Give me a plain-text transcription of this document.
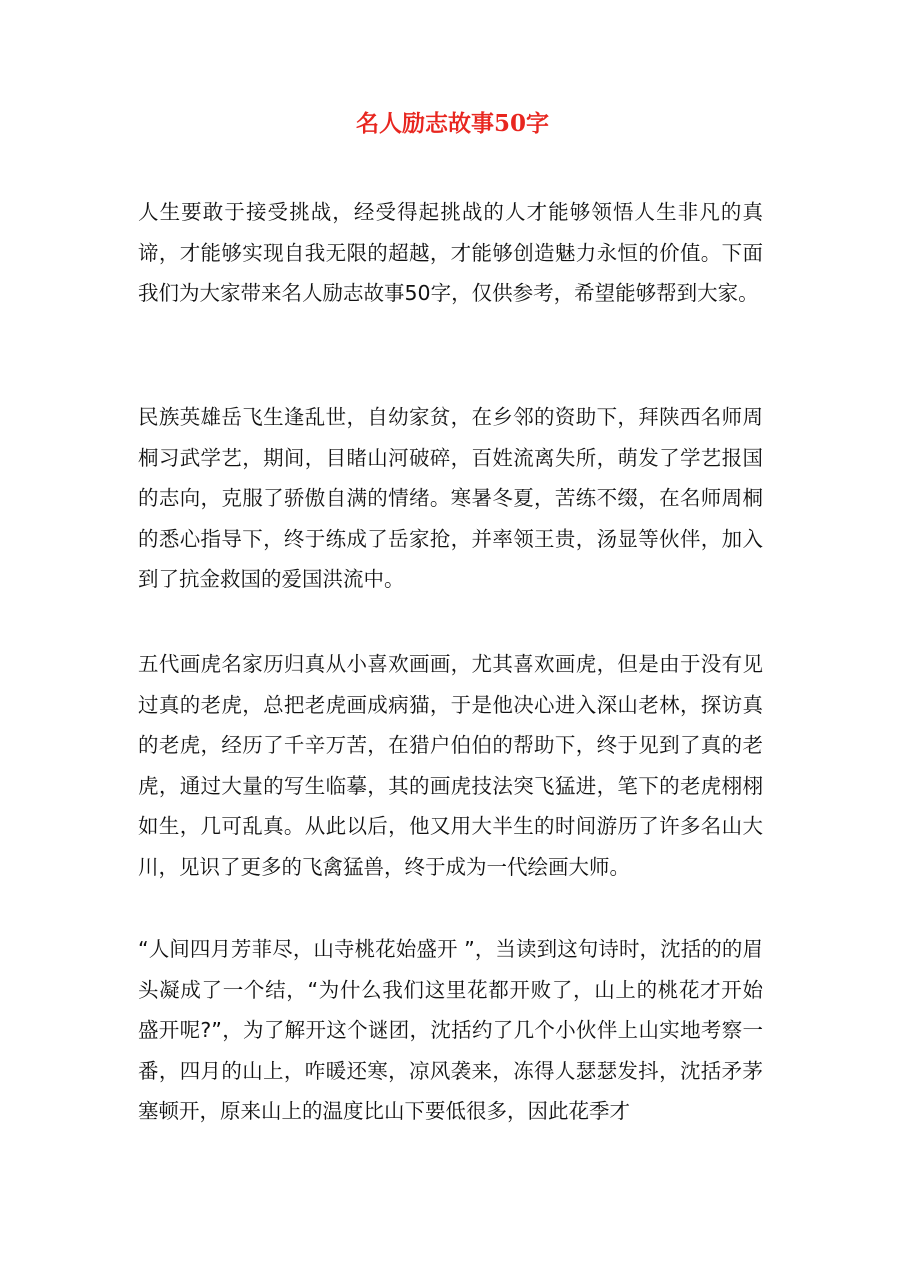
名人励志故事50字

人生要敢于接受挑战，经受得起挑战的人才能够领悟人生非凡的真谛，才能够实现自我无限的超越，才能够创造魅力永恒的价值。下面我们为大家带来名人励志故事50字，仅供参考，希望能够帮到大家。

民族英雄岳飞生逢乱世，自幼家贫，在乡邻的资助下，拜陕西名师周桐习武学艺，期间，目睹山河破碎，百姓流离失所，萌发了学艺报国的志向，克服了骄傲自满的情绪。寒暑冬夏，苦练不缀，在名师周桐的悉心指导下，终于练成了岳家抢，并率领王贵，汤显等伙伴，加入到了抗金救国的爱国洪流中。

五代画虎名家历归真从小喜欢画画，尤其喜欢画虎，但是由于没有见过真的老虎，总把老虎画成病猫，于是他决心进入深山老林，探访真的老虎，经历了千辛万苦，在猎户伯伯的帮助下，终于见到了真的老虎，通过大量的写生临摹，其的画虎技法突飞猛进，笔下的老虎栩栩如生，几可乱真。从此以后，他又用大半生的时间游历了许多名山大川，见识了更多的飞禽猛兽，终于成为一代绘画大师。

“人间四月芳菲尽，山寺桃花始盛开 ”，当读到这句诗时，沈括的的眉头凝成了一个结，“为什么我们这里花都开败了，山上的桃花才开始盛开呢?”，为了解开这个谜团，沈括约了几个小伙伴上山实地考察一番，四月的山上，咋暖还寒，凉风袭来，冻得人瑟瑟发抖，沈括矛茅塞顿开，原来山上的温度比山下要低很多，因此花季才
